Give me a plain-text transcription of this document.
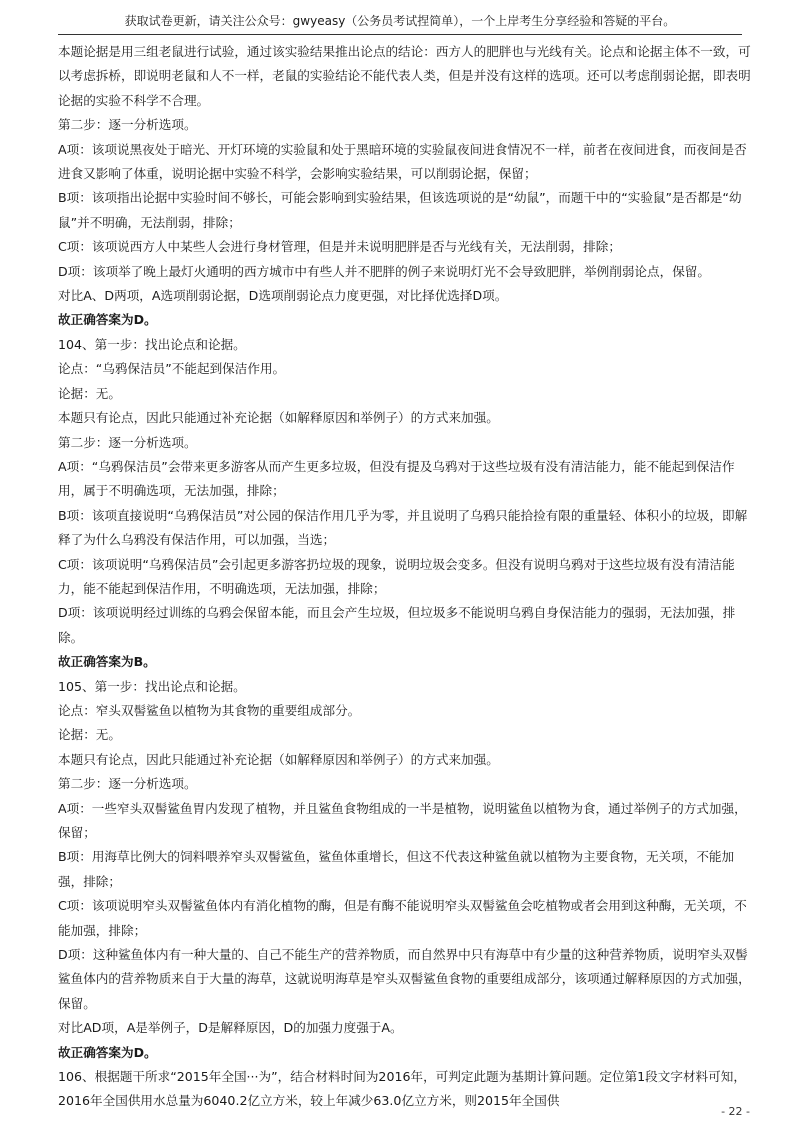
获取试卷更新，请关注公众号：gwyeasy（公务员考试捏简单），一个上岸考生分享经验和答疑的平台。

本题论据是用三组老鼠进行试验，通过该实验结果推出论点的结论：西方人的肥胖也与光线有关。论点和论据主体不一致，可以考虑拆桥，即说明老鼠和人不一样，老鼠的实验结论不能代表人类，但是并没有这样的选项。还可以考虑削弱论据，即表明论据的实验不科学不合理。

第二步：逐一分析选项。

A项：该项说黑夜处于暗光、开灯环境的实验鼠和处于黑暗环境的实验鼠夜间进食情况不一样，前者在夜间进食，而夜间是否进食又影响了体重，说明论据中实验不科学，会影响实验结果，可以削弱论据，保留；

B项：该项指出论据中实验时间不够长，可能会影响到实验结果，但该选项说的是“幼鼠”，而题干中的“实验鼠”是否都是“幼鼠”并不明确，无法削弱，排除；

C项：该项说西方人中某些人会进行身材管理，但是并未说明肥胖是否与光线有关，无法削弱，排除；

D项：该项举了晚上最灯火通明的西方城市中有些人并不肥胖的例子来说明灯光不会导致肥胖，举例削弱论点，保留。

对比A、D两项，A选项削弱论据，D选项削弱论点力度更强，对比择优选择D项。

故正确答案为D。

104、第一步：找出论点和论据。

论点：“乌鸦保洁员”不能起到保洁作用。

论据：无。

本题只有论点，因此只能通过补充论据（如解释原因和举例子）的方式来加强。

第二步：逐一分析选项。

A项：“乌鸦保洁员”会带来更多游客从而产生更多垃圾，但没有提及乌鸦对于这些垃圾有没有清洁能力，能不能起到保洁作用，属于不明确选项，无法加强，排除；

B项：该项直接说明“乌鸦保洁员”对公园的保洁作用几乎为零，并且说明了乌鸦只能拾捡有限的重量轻、体积小的垃圾，即解释了为什么乌鸦没有保洁作用，可以加强，当选；

C项：该项说明“乌鸦保洁员”会引起更多游客扔垃圾的现象，说明垃圾会变多。但没有说明乌鸦对于这些垃圾有没有清洁能力，能不能起到保洁作用，不明确选项，无法加强，排除；

D项：该项说明经过训练的乌鸦会保留本能，而且会产生垃圾，但垃圾多不能说明乌鸦自身保洁能力的强弱，无法加强，排除。

故正确答案为B。

105、第一步：找出论点和论据。

论点：窄头双髻鲨鱼以植物为其食物的重要组成部分。

论据：无。

本题只有论点，因此只能通过补充论据（如解释原因和举例子）的方式来加强。

第二步：逐一分析选项。

A项：一些窄头双髻鲨鱼胃内发现了植物，并且鲨鱼食物组成的一半是植物，说明鲨鱼以植物为食，通过举例子的方式加强，保留；

B项：用海草比例大的饲料喂养窄头双髻鲨鱼，鲨鱼体重增长，但这不代表这种鲨鱼就以植物为主要食物，无关项，不能加强，排除；

C项：该项说明窄头双髻鲨鱼体内有消化植物的酶，但是有酶不能说明窄头双髻鲨鱼会吃植物或者会用到这种酶，无关项，不能加强，排除；

D项：这种鲨鱼体内有一种大量的、自己不能生产的营养物质，而自然界中只有海草中有少量的这种营养物质，说明窄头双髻鲨鱼体内的营养物质来自于大量的海草，这就说明海草是窄头双髻鲨鱼食物的重要组成部分，该项通过解释原因的方式加强，保留。

对比AD项，A是举例子，D是解释原因，D的加强力度强于A。

故正确答案为D。

106、根据题干所求“2015年全国···为”，结合材料时间为2016年，可判定此题为基期计算问题。定位第1段文字材料可知，2016年全国供用水总量为6040.2亿立方米，较上年减少63.0亿立方米，则2015年全国供

- 22 -
